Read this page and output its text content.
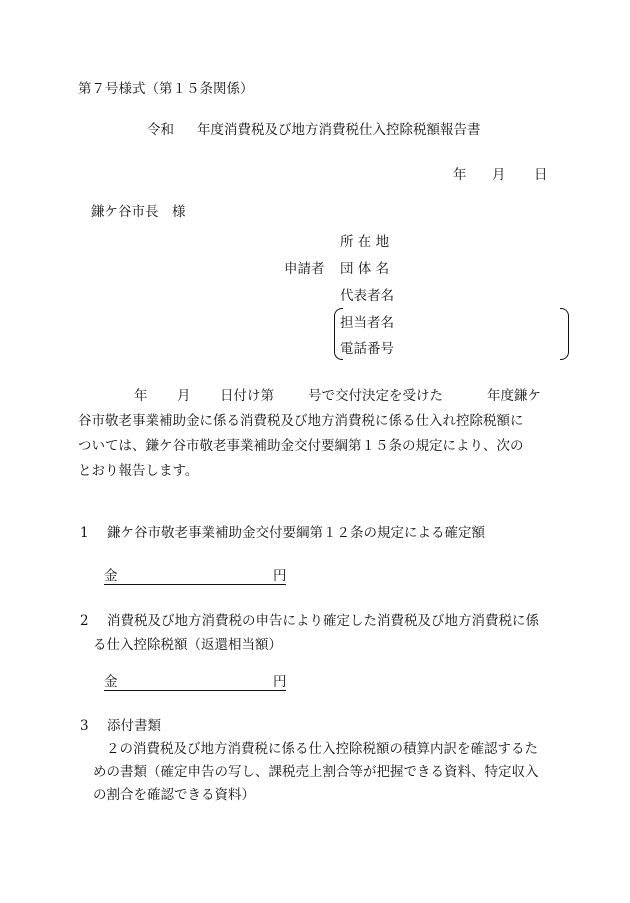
第７号様式（第１５条関係）
令和 年度消費税及び地方消費税仕入控除税額報告書
年 月 日
鎌ケ谷市長　様
所 在 地
申請者 団 体 名
代表者名
担当者名
電話番号
年 月 日付け第	号で交付決定を受けた	年度鎌ケ
谷市敬老事業補助金に係る消費税及び地方消費税に係る仕入れ控除税額に
ついては、鎌ケ谷市敬老事業補助金交付要綱第１５条の規定により、次の
とおり報告します。
1 鎌ケ谷市敬老事業補助金交付要綱第１２条の規定による確定額
金	円
2 消費税及び地方消費税の申告により確定した消費税及び地方消費税に係
る仕入控除税額（返還相当額）
金	円
3 添付書類
２の消費税及び地方消費税に係る仕入控除税額の積算内訳を確認するた
めの書類（確定申告の写し、課税売上割合等が把握できる資料、特定収入
の割合を確認できる資料）
